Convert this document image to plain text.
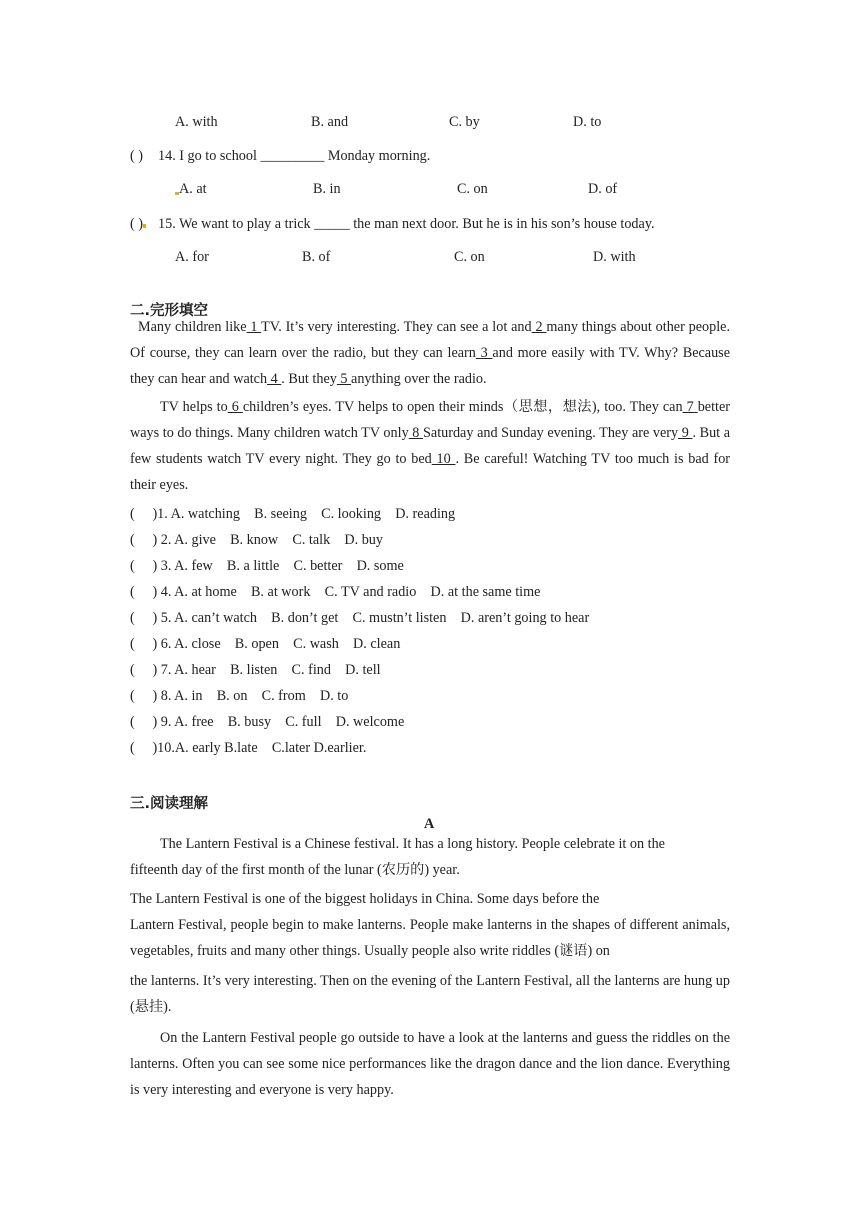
A. with	B. and	C. by	D. to
( ) 14. I go to school _________ Monday morning.
A. at	B. in	C. on	D. of
( ) 15. We want to play a trick _____ the man next door. But he is in his son’s house today.
A. for	B. of	C. on	D. with
二.完形填空

Many children like 1 TV. It’s very interesting. They can see a lot and 2 many things about other people. Of course, they can learn over the radio, but they can learn 3 and more easily with TV. Why? Because they can hear and watch 4 . But they 5 anything over the radio.

TV helps to 6 children’s eyes. TV helps to open their minds（思想，想法), too. They can 7 better ways to do things. Many children watch TV only 8 Saturday and Sunday evening. They are very 9 . But a few students watch TV every night. They go to bed 10 . Be careful! Watching TV too much is bad for their eyes.

(     )1. A. watching    B. seeing    C. looking    D. reading
(     ) 2. A. give    B. know    C. talk    D. buy
(     ) 3. A. few    B. a little    C. better    D. some
(     ) 4. A. at home    B. at work    C. TV and radio    D. at the same time
(     ) 5. A. can’t watch    B. don’t get    C. mustn’t listen    D. aren’t going to hear
(     ) 6. A. close    B. open    C. wash    D. clean
(     ) 7. A. hear    B. listen    C. find    D. tell
(     ) 8. A. in    B. on    C. from    D. to
(     ) 9. A. free    B. busy    C. full    D. welcome
(     )10.A. early B.late    C.later D.earlier.
三.阅读理解
A
The Lantern Festival is a Chinese festival. It has a long history. People celebrate it on the
fifteenth day of the first month of the lunar (农历的) year.
The Lantern Festival is one of the biggest holidays in China. Some days before the
Lantern Festival, people begin to make lanterns. People make lanterns in the shapes of different animals, vegetables, fruits and many other things. Usually people also write riddles (谜语) on
the lanterns. It’s very interesting. Then on the evening of the Lantern Festival, all the lanterns are hung up (悬挂).
On the Lantern Festival people go outside to have a look at the lanterns and guess the riddles on the lanterns. Often you can see some nice performances like the dragon dance and the lion dance. Everything is very interesting and everyone is very happy.
